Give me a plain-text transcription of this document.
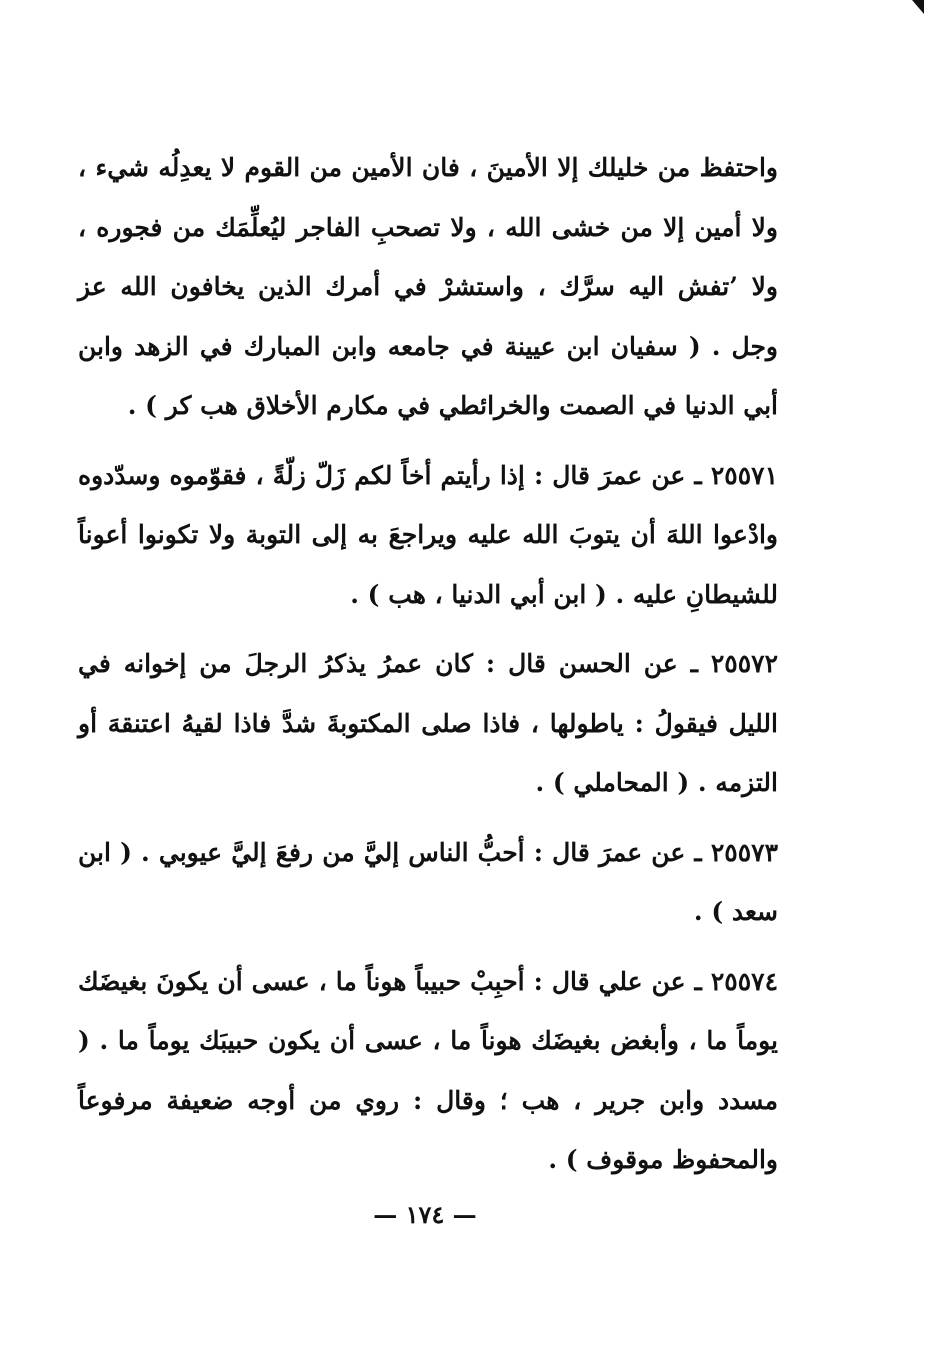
واحتفظ من خليلك إلا الأمينَ ، فان الأمين من القوم لا يعدِلُه شيء ، ولا أمين إلا من خشى الله ، ولا تصحبِ الفاجر ليُعلِّمَك من فجوره ، ولا ’تفش اليه سرَّك ، واستشرْ في أمرك الذين يخافون الله عز وجل . ( سفيان ابن عيينة في جامعه وابن المبارك في الزهد وابن أبي الدنيا في الصمت والخرائطي في مكارم الأخلاق هب كر ) .

٢٥٥٧١ ـ عن عمرَ قال : إذا رأيتم أخاً لكم زَلّ زلّةً ، فقوّموه وسدّدوه وادْعوا اللهَ أن يتوبَ الله عليه ويراجعَ به إلى التوبة ولا تكونوا أعوناً للشيطانِ عليه . ( ابن أبي الدنيا ، هب ) .

٢٥٥٧٢ ـ عن الحسن قال : كان عمرُ يذكرُ الرجلَ من إخوانه في الليل فيقولُ : ياطولها ، فاذا صلى المكتوبةَ شدَّ فاذا لقيهُ اعتنقهَ أو التزمه . ( المحاملي ) .

٢٥٥٧٣ ـ عن عمرَ قال : أحبُّ الناس إليَّ من رفعَ إليَّ عيوبي . ( ابن سعد ) .

٢٥٥٧٤ ـ عن علي قال : أحبِبْ حبيباً هوناً ما ، عسى أن يكونَ بغيضَك يوماً ما ، وأبغض بغيضَك هوناً ما ، عسى أن يكون حبيبَك يوماً ما . ( مسدد وابن جرير ، هب ؛ وقال : روي من أوجه ضعيفة مرفوعاً والمحفوظ موقوف ) .

— ١٧٤ —
